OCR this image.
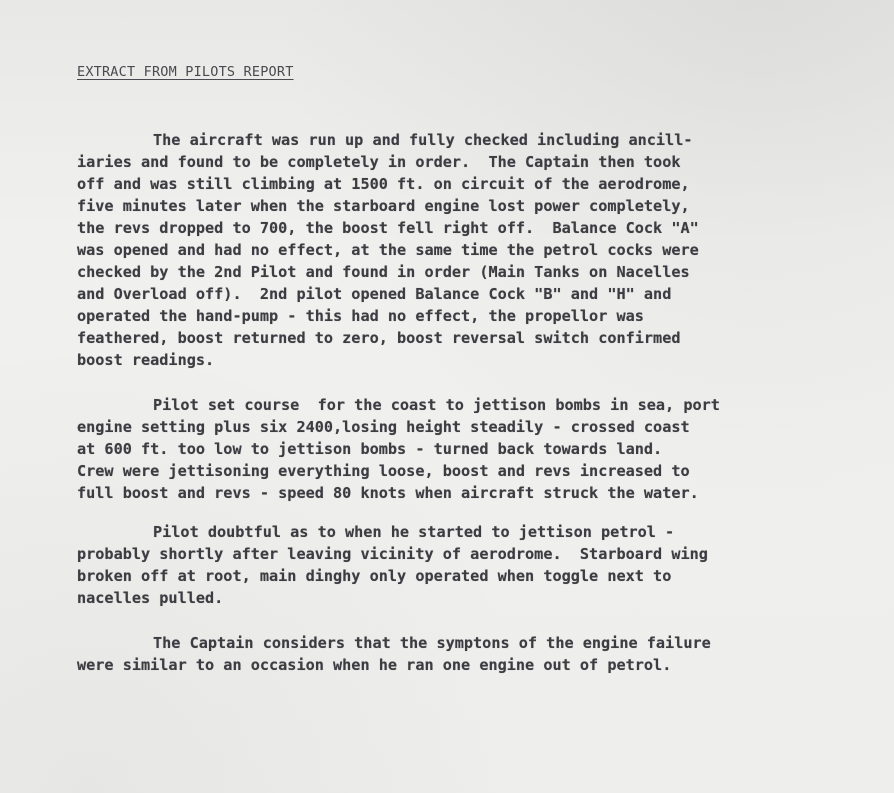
EXTRACT FROM PILOTS REPORT
The aircraft was run up and fully checked including ancill-
iaries and found to be completely in order.  The Captain then took
off and was still climbing at 1500 ft. on circuit of the aerodrome,
five minutes later when the starboard engine lost power completely,
the revs dropped to 700, the boost fell right off.  Balance Cock "A"
was opened and had no effect, at the same time the petrol cocks were
checked by the 2nd Pilot and found in order (Main Tanks on Nacelles
and Overload off).  2nd pilot opened Balance Cock "B" and "H" and
operated the hand-pump - this had no effect, the propellor was
feathered, boost returned to zero, boost reversal switch confirmed
boost readings.
Pilot set course  for the coast to jettison bombs in sea, port
engine setting plus six 2400,losing height steadily - crossed coast
at 600 ft. too low to jettison bombs - turned back towards land.
Crew were jettisoning everything loose, boost and revs increased to
full boost and revs - speed 80 knots when aircraft struck the water.
Pilot doubtful as to when he started to jettison petrol -
probably shortly after leaving vicinity of aerodrome.  Starboard wing
broken off at root, main dinghy only operated when toggle next to
nacelles pulled.
The Captain considers that the symptons of the engine failure
were similar to an occasion when he ran one engine out of petrol.
